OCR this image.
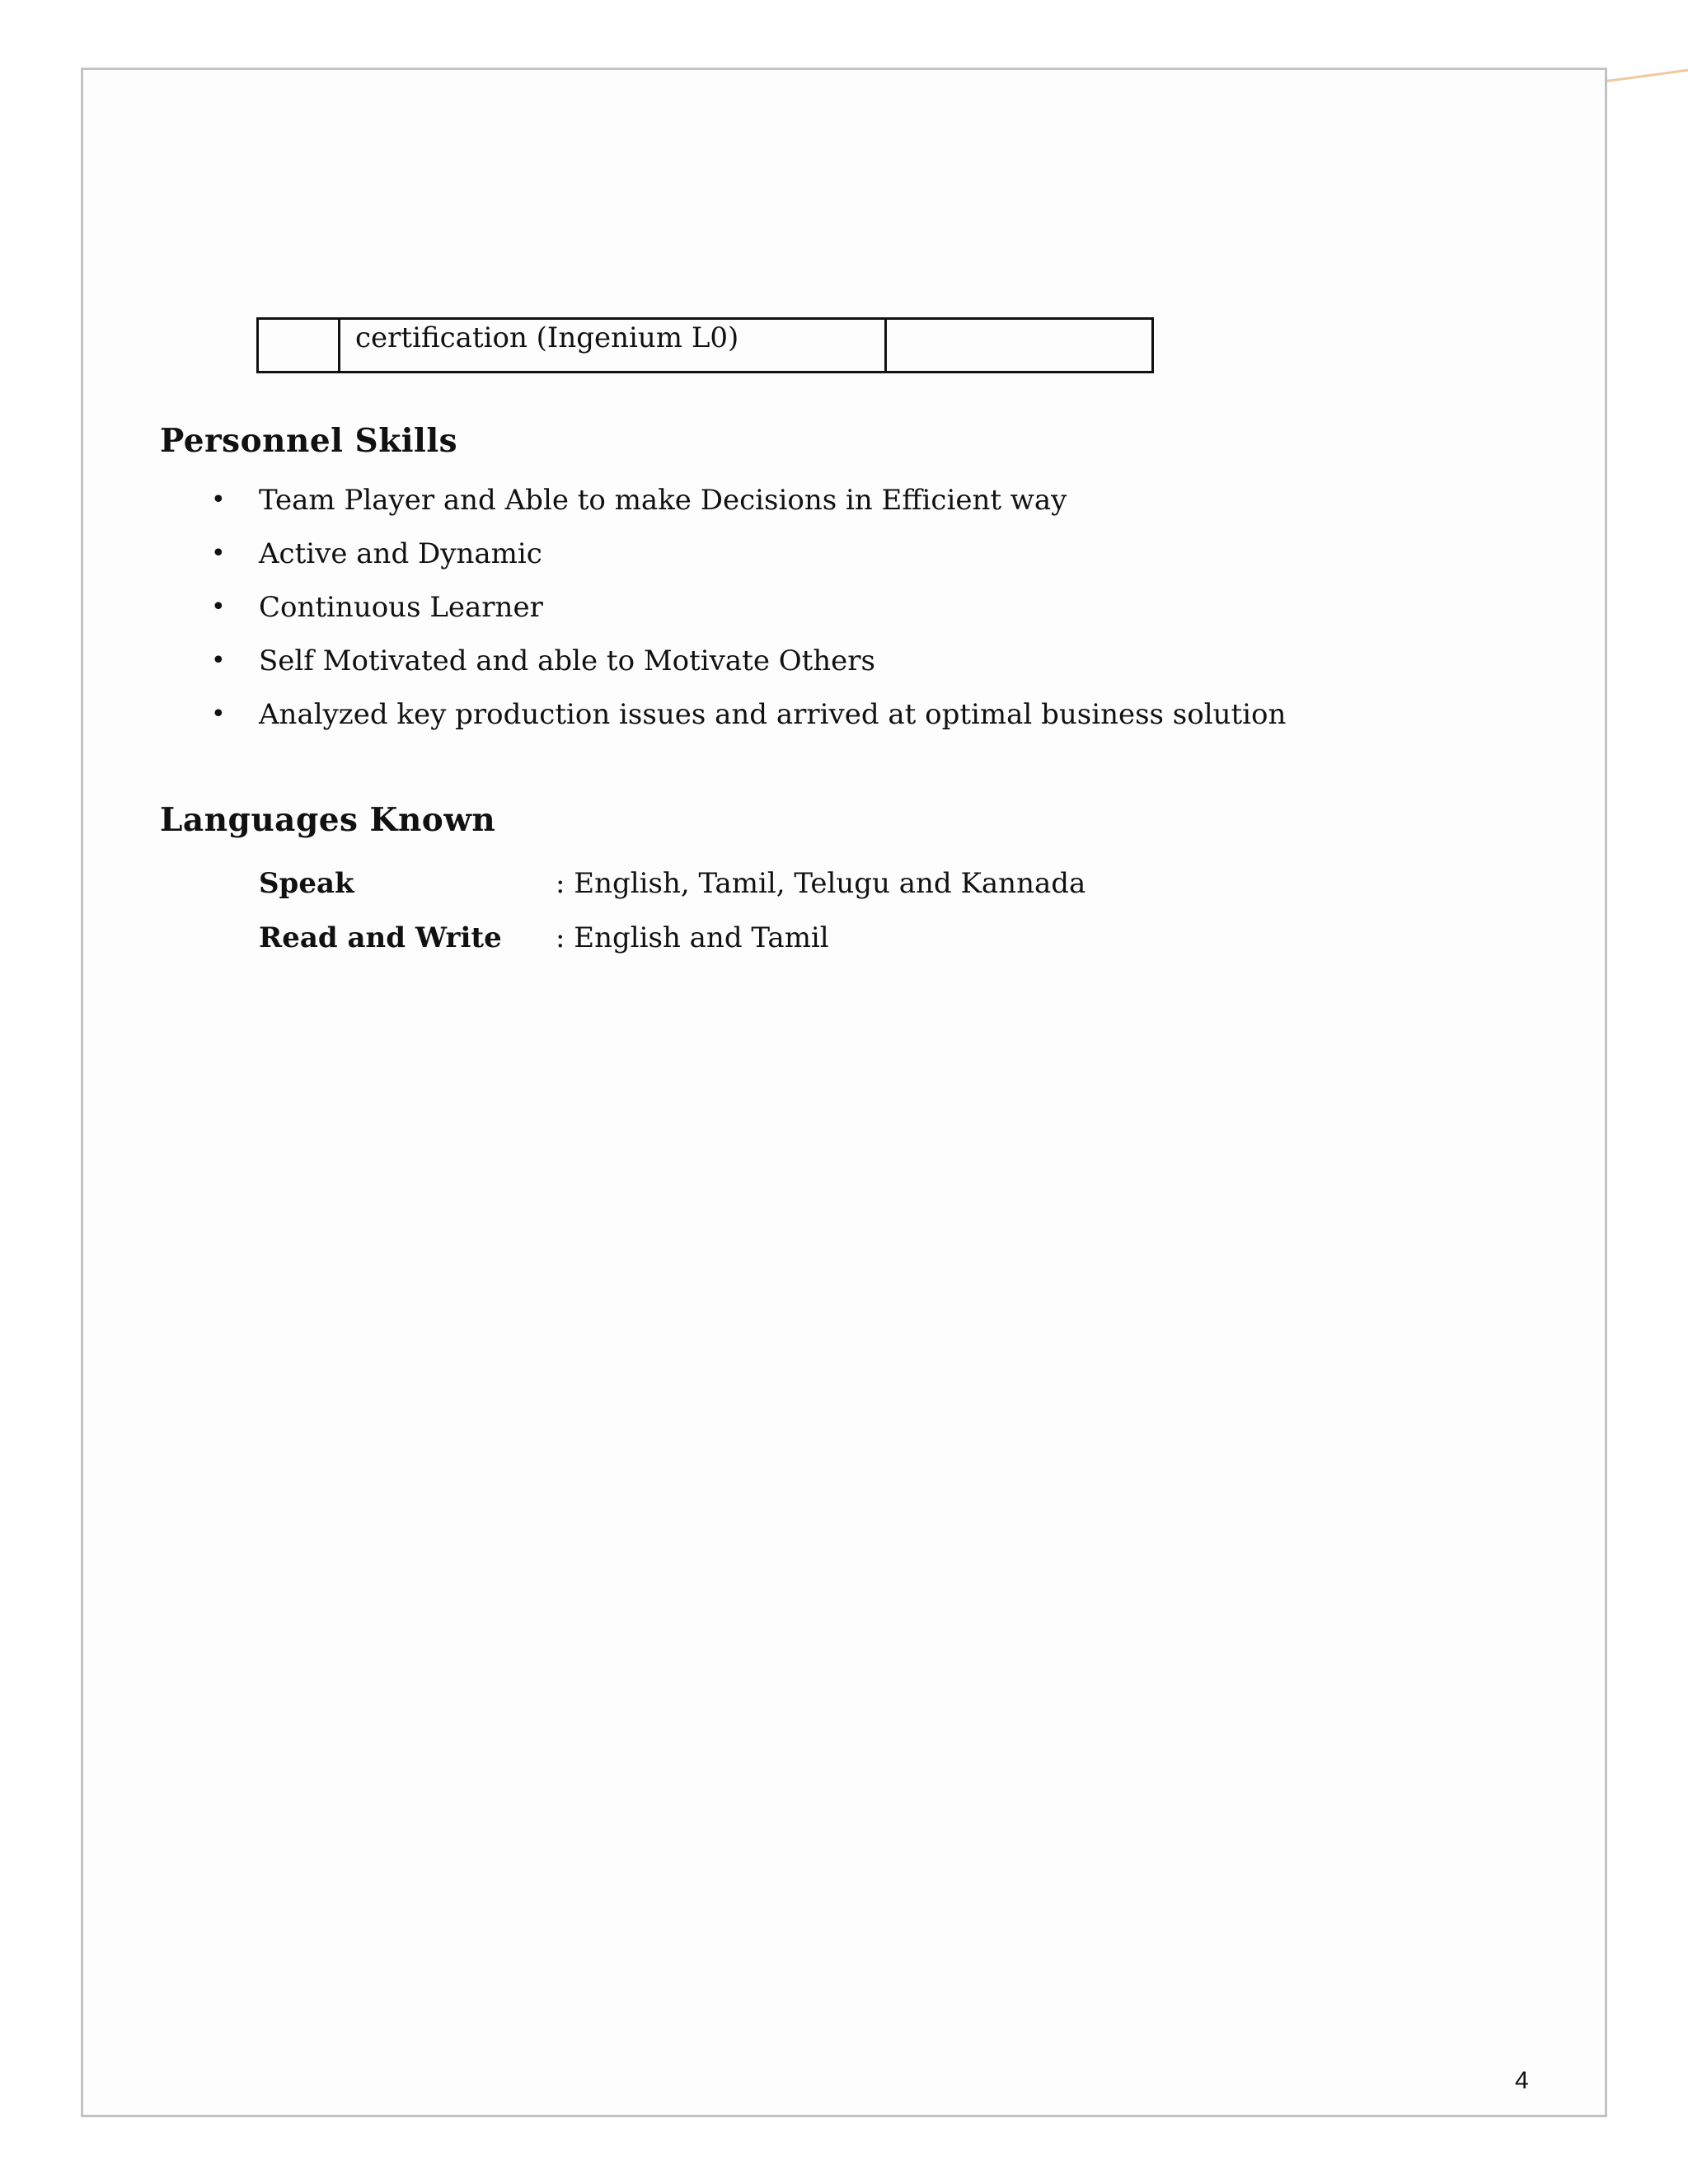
certification (Ingenium L0)

Personnel Skills
• Team Player and Able to make Decisions in Efficient way
• Active and Dynamic
• Continuous Learner
• Self Motivated and able to Motivate Others
• Analyzed key production issues and arrived at optimal business solution
Languages Known
Speak	: English, Tamil, Telugu and Kannada
Read and Write : English and Tamil
4
